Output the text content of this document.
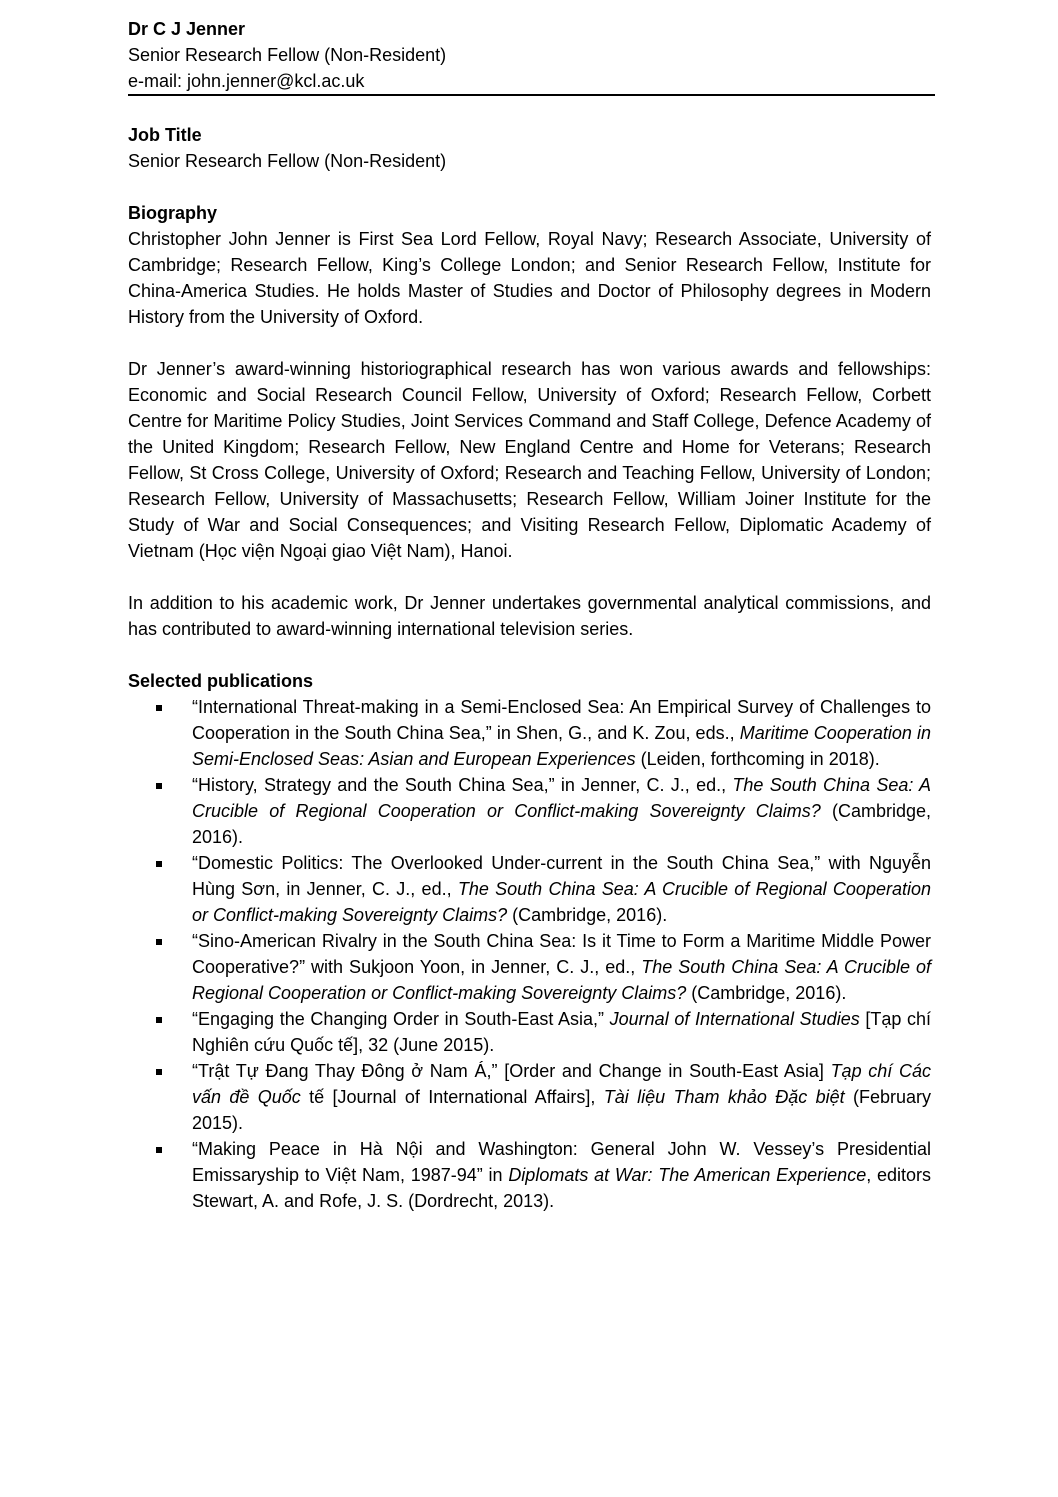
Dr C J Jenner

Senior Research Fellow (Non-Resident)

e-mail: john.jenner@kcl.ac.uk

Job Title

Senior Research Fellow (Non-Resident)

Biography

Christopher John Jenner is First Sea Lord Fellow, Royal Navy; Research Associate, University of Cambridge; Research Fellow, King’s College London; and Senior Research Fellow, Institute for China-America Studies. He holds Master of Studies and Doctor of Philosophy degrees in Modern History from the University of Oxford.

Dr Jenner’s award-winning historiographical research has won various awards and fellowships: Economic and Social Research Council Fellow, University of Oxford; Research Fellow, Corbett Centre for Maritime Policy Studies, Joint Services Command and Staff College, Defence Academy of the United Kingdom; Research Fellow, New England Centre and Home for Veterans; Research Fellow, St Cross College, University of Oxford; Research and Teaching Fellow, University of London; Research Fellow, University of Massachusetts; Research Fellow, William Joiner Institute for the Study of War and Social Consequences; and Visiting Research Fellow, Diplomatic Academy of Vietnam (Học viện Ngoại giao Việt Nam), Hanoi.

In addition to his academic work, Dr Jenner undertakes governmental analytical commissions, and has contributed to award-winning international television series.

Selected publications

“International Threat-making in a Semi-Enclosed Sea: An Empirical Survey of Challenges to Cooperation in the South China Sea,” in Shen, G., and K. Zou, eds., Maritime Cooperation in Semi-Enclosed Seas: Asian and European Experiences (Leiden, forthcoming in 2018).
“History, Strategy and the South China Sea,” in Jenner, C. J., ed., The South China Sea: A Crucible of Regional Cooperation or Conflict-making Sovereignty Claims? (Cambridge, 2016).
“Domestic Politics: The Overlooked Under-current in the South China Sea,” with Nguyễn Hùng Sơn, in Jenner, C. J., ed., The South China Sea: A Crucible of Regional Cooperation or Conflict-making Sovereignty Claims? (Cambridge, 2016).
“Sino-American Rivalry in the South China Sea: Is it Time to Form a Maritime Middle Power Cooperative?” with Sukjoon Yoon, in Jenner, C. J., ed., The South China Sea: A Crucible of Regional Cooperation or Conflict-making Sovereignty Claims? (Cambridge, 2016).
“Engaging the Changing Order in South-East Asia,” Journal of International Studies [Tạp chí Nghiên cứu Quốc tế], 32 (June 2015).
“Trật Tự Đang Thay Đông ở Nam Á,” [Order and Change in South-East Asia] Tạp chí Các vấn đề Quốc tế [Journal of International Affairs], Tài liệu Tham khảo Đặc biệt (February 2015).
“Making Peace in Hà Nội and Washington: General John W. Vessey’s Presidential Emissaryship to Việt Nam, 1987-94” in Diplomats at War: The American Experience, editors Stewart, A. and Rofe, J. S. (Dordrecht, 2013).
